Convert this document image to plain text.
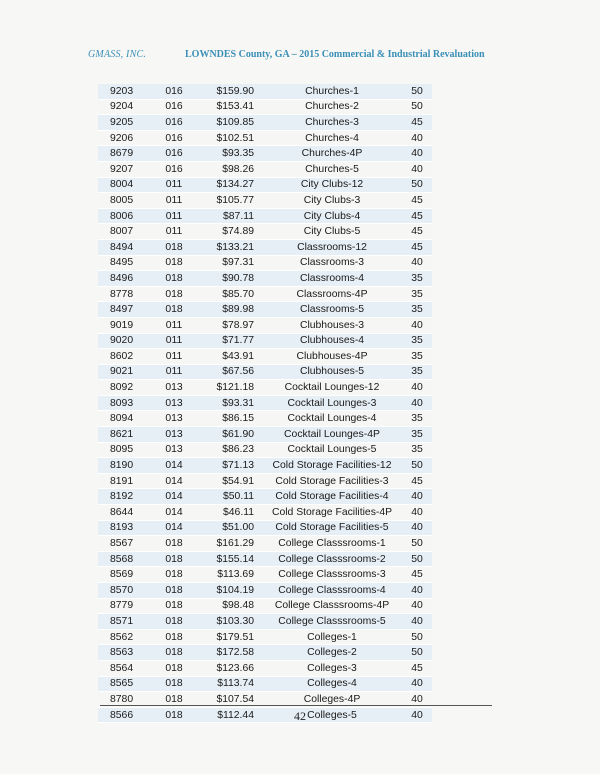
GMASS, INC.	LOWNDES County, GA – 2015 Commercial & Industrial Revaluation
9203	016	$159.90	Churches-1	50
9204	016	$153.41	Churches-2	50
9205	016	$109.85	Churches-3	45
9206	016	$102.51	Churches-4	40
8679	016	$93.35	Churches-4P	40
9207	016	$98.26	Churches-5	40
8004	011	$134.27	City Clubs-12	50
8005	011	$105.77	City Clubs-3	45
8006	011	$87.11	City Clubs-4	45
8007	011	$74.89	City Clubs-5	45
8494	018	$133.21	Classrooms-12	45
8495	018	$97.31	Classrooms-3	40
8496	018	$90.78	Classrooms-4	35
8778	018	$85.70	Classrooms-4P	35
8497	018	$89.98	Classrooms-5	35
9019	011	$78.97	Clubhouses-3	40
9020	011	$71.77	Clubhouses-4	35
8602	011	$43.91	Clubhouses-4P	35
9021	011	$67.56	Clubhouses-5	35
8092	013	$121.18	Cocktail Lounges-12	40
8093	013	$93.31	Cocktail Lounges-3	40
8094	013	$86.15	Cocktail Lounges-4	35
8621	013	$61.90	Cocktail Lounges-4P	35
8095	013	$86.23	Cocktail Lounges-5	35
8190	014	$71.13	Cold Storage Facilities-12	50
8191	014	$54.91	Cold Storage Facilities-3	45
8192	014	$50.11	Cold Storage Facilities-4	40
8644	014	$46.11	Cold Storage Facilities-4P	40
8193	014	$51.00	Cold Storage Facilities-5	40
8567	018	$161.29	College Classsrooms-1	50
8568	018	$155.14	College Classsrooms-2	50
8569	018	$113.69	College Classsrooms-3	45
8570	018	$104.19	College Classsrooms-4	40
8779	018	$98.48	College Classsrooms-4P	40
8571	018	$103.30	College Classsrooms-5	40
8562	018	$179.51	Colleges-1	50
8563	018	$172.58	Colleges-2	50
8564	018	$123.66	Colleges-3	45
8565	018	$113.74	Colleges-4	40
8780	018	$107.54	Colleges-4P	40
8566	018	$112.44	Colleges-5	40
42
